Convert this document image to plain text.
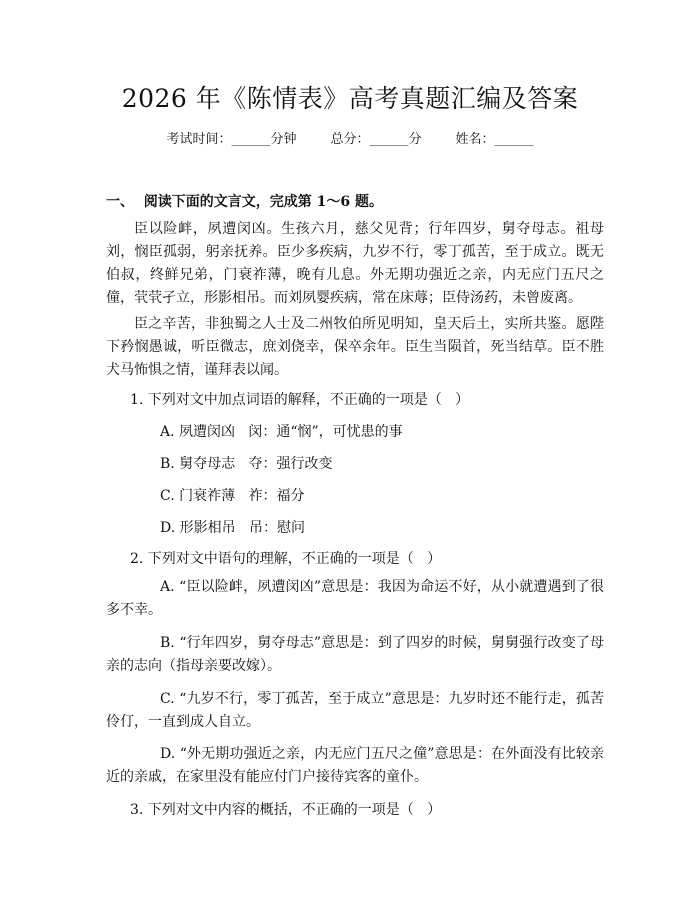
2026 年《陈情表》高考真题汇编及答案
考试时间：______分钟	总分：______分	姓名：______
一、  阅读下面的文言文，完成第 1～6 题。

臣以险衅，夙遭闵凶。生孩六月，慈父见背；行年四岁，舅夺母志。祖母刘，悯臣孤弱，躬亲抚养。臣少多疾病，九岁不行，零丁孤苦，至于成立。既无伯叔，终鲜兄弟，门衰祚薄，晚有儿息。外无期功强近之亲，内无应门五尺之僮，茕茕孑立，形影相吊。而刘夙婴疾病，常在床蓐；臣侍汤药，未曾废离。

臣之辛苦，非独蜀之人士及二州牧伯所见明知，皇天后土，实所共鉴。愿陛下矜悯愚诚，听臣微志，庶刘侥幸，保卒余年。臣生当陨首，死当结草。臣不胜犬马怖惧之情，谨拜表以闻。

1. 下列对文中加点词语的解释，不正确的一项是（   ）
A. 夙遭闵凶   闵：通“悯”，可忧患的事
B. 舅夺母志   夺：强行改变
C. 门衰祚薄   祚：福分
D. 形影相吊   吊：慰问
2. 下列对文中语句的理解，不正确的一项是（   ）

A. “臣以险衅，夙遭闵凶”意思是：我因为命运不好，从小就遭遇到了很多不幸。

B. “行年四岁，舅夺母志”意思是：到了四岁的时候，舅舅强行改变了母亲的志向（指母亲要改嫁）。

C. “九岁不行，零丁孤苦，至于成立”意思是：九岁时还不能行走，孤苦伶仃，一直到成人自立。

D. “外无期功强近之亲，内无应门五尺之僮”意思是：在外面没有比较亲近的亲戚，在家里没有能应付门户接待宾客的童仆。

3. 下列对文中内容的概括，不正确的一项是（   ）
